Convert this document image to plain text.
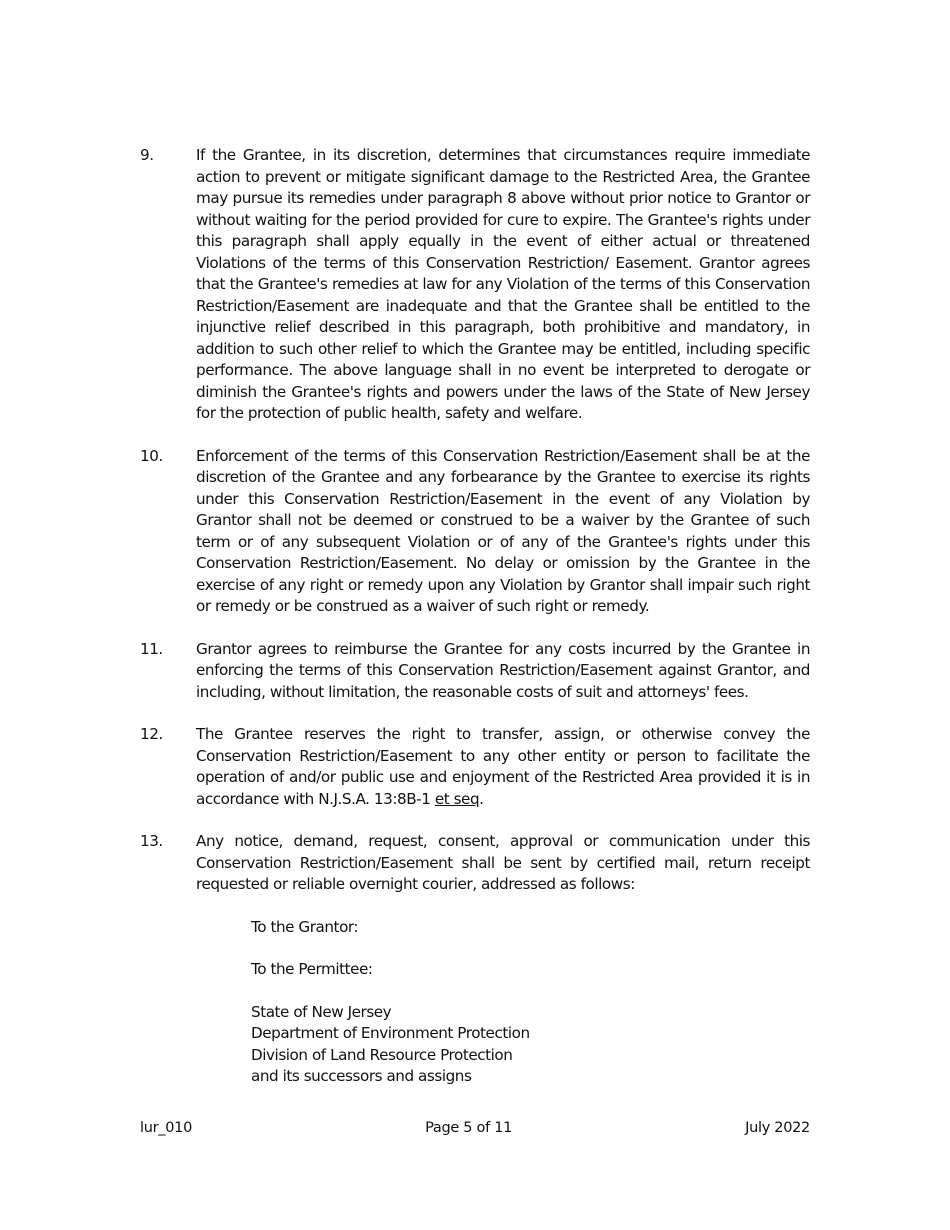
9.	If the Grantee, in its discretion, determines that circumstances require immediate action to prevent or mitigate significant damage to the Restricted Area, the Grantee may pursue its remedies under paragraph 8 above without prior notice to Grantor or without waiting for the period provided for cure to expire. The Grantee's rights under this paragraph shall apply equally in the event of either actual or threatened Violations of the terms of this Conservation Restriction/ Easement. Grantor agrees that the Grantee's remedies at law for any Violation of the terms of this Conservation Restriction/Easement are inadequate and that the Grantee shall be entitled to the injunctive relief described in this paragraph, both prohibitive and mandatory, in addition to such other relief to which the Grantee may be entitled, including specific performance. The above language shall in no event be interpreted to derogate or diminish the Grantee's rights and powers under the laws of the State of New Jersey for the protection of public health, safety and welfare.
10.	Enforcement of the terms of this Conservation Restriction/Easement shall be at the discretion of the Grantee and any forbearance by the Grantee to exercise its rights under this Conservation Restriction/Easement in the event of any Violation by Grantor shall not be deemed or construed to be a waiver by the Grantee of such term or of any subsequent Violation or of any of the Grantee's rights under this Conservation Restriction/Easement. No delay or omission by the Grantee in the exercise of any right or remedy upon any Violation by Grantor shall impair such right or remedy or be construed as a waiver of such right or remedy.
11.	Grantor agrees to reimburse the Grantee for any costs incurred by the Grantee in enforcing the terms of this Conservation Restriction/Easement against Grantor, and including, without limitation, the reasonable costs of suit and attorneys' fees.
12.	The Grantee reserves the right to transfer, assign, or otherwise convey the Conservation Restriction/Easement to any other entity or person to facilitate the operation of and/or public use and enjoyment of the Restricted Area provided it is in accordance with N.J.S.A. 13:8B-1 et seq.
13.	Any notice, demand, request, consent, approval or communication under this Conservation Restriction/Easement shall be sent by certified mail, return receipt requested or reliable overnight courier, addressed as follows:
To the Grantor:
To the Permittee:
State of New Jersey
Department of Environment Protection
Division of Land Resource Protection
and its successors and assigns
lur_010	Page 5 of 11	July 2022
